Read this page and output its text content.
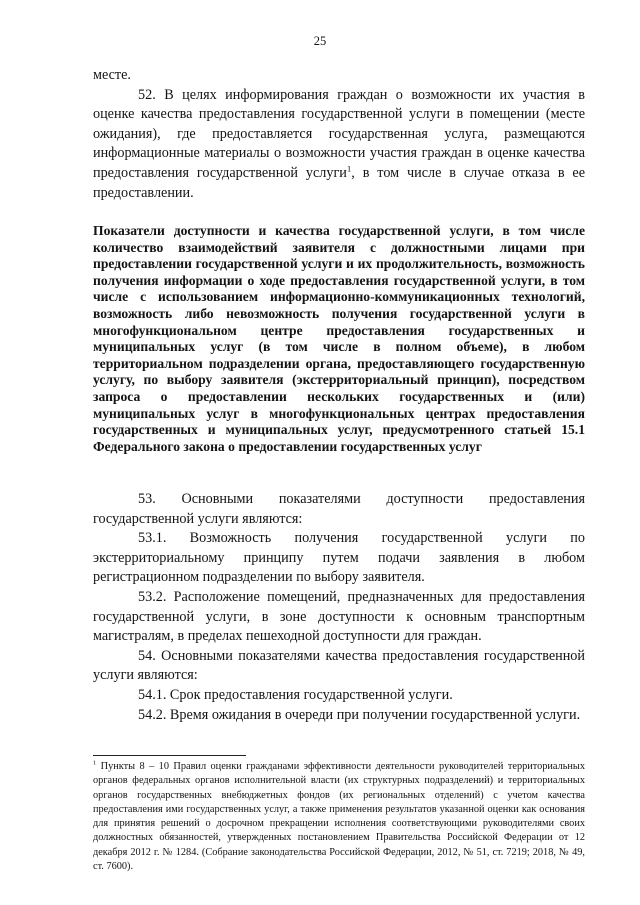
25

месте.

52. В целях информирования граждан о возможности их участия в оценке качества предоставления государственной услуги в помещении (месте ожидания), где предоставляется государственная услуга, размещаются информационные материалы о возможности участия граждан в оценке качества предоставления государственной услуги$^1$, в том числе в случае отказа в ее предоставлении.

Показатели доступности и качества государственной услуги, в том числе количество взаимодействий заявителя с должностными лицами при предоставлении государственной услуги и их продолжительность, возможность получения информации о ходе предоставления государственной услуги, в том числе с использованием информационно-коммуникационных технологий, возможность либо невозможность получения государственной услуги в многофункциональном центре предоставления государственных и муниципальных услуг (в том числе в полном объеме), в любом территориальном подразделении органа, предоставляющего государственную услугу, по выбору заявителя (экстерриториальный принцип), посредством запроса о предоставлении нескольких государственных и (или) муниципальных услуг в многофункциональных центрах предоставления государственных и муниципальных услуг, предусмотренного статьей 15.1 Федерального закона о предоставлении государственных услуг

53. Основными показателями доступности предоставления государственной услуги являются:

53.1. Возможность получения государственной услуги по экстерриториальному принципу путем подачи заявления в любом регистрационном подразделении по выбору заявителя.

53.2. Расположение помещений, предназначенных для предоставления государственной услуги, в зоне доступности к основным транспортным магистралям, в пределах пешеходной доступности для граждан.

54. Основными показателями качества предоставления государственной услуги являются:

54.1. Срок предоставления государственной услуги.

54.2. Время ожидания в очереди при получении государственной услуги.

$^1$ Пункты 8 – 10 Правил оценки гражданами эффективности деятельности руководителей территориальных органов федеральных органов исполнительной власти (их структурных подразделений) и территориальных органов государственных внебюджетных фондов (их региональных отделений) с учетом качества предоставления ими государственных услуг, а также применения результатов указанной оценки как основания для принятия решений о досрочном прекращении исполнения соответствующими руководителями своих должностных обязанностей, утвержденных постановлением Правительства Российской Федерации от 12 декабря 2012 г. № 1284. (Собрание законодательства Российской Федерации, 2012, № 51, ст. 7219; 2018, № 49, ст. 7600).
